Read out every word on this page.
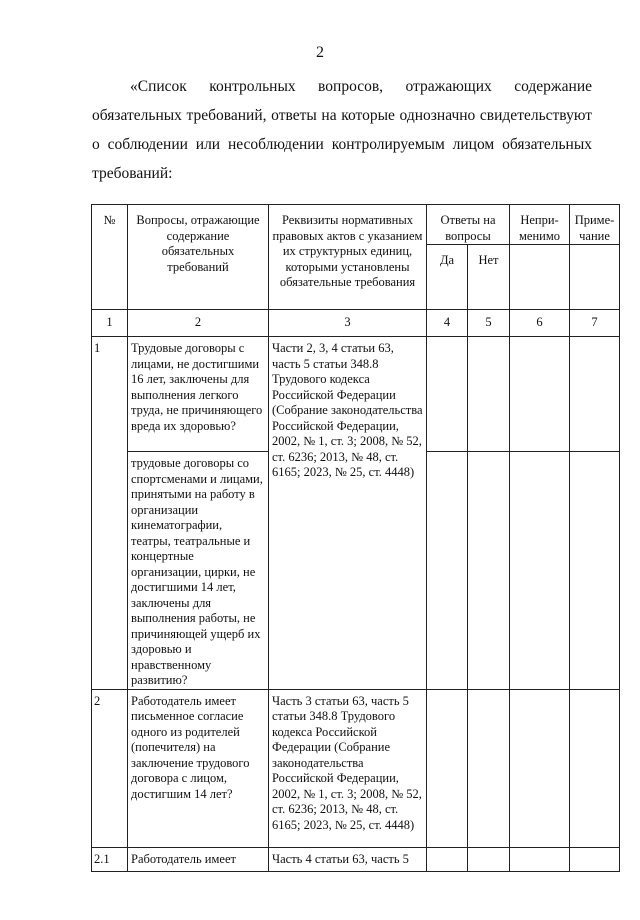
2
«Список контрольных вопросов, отражающих содержание
обязательных требований, ответы на которые однозначно свидетельствуют
о соблюдении или несоблюдении контролируемым лицом обязательных
требований:
№	Вопросы, отражающие содержание обязательных требований	Реквизиты нормативных правовых актов с указанием их структурных единиц, которыми установлены обязательные требования	Ответы на вопросы		Непри-менимо	Приме-чание

			Да	Нет		

1	2	3	4	5	6	7

1	Трудовые договоры с лицами, не достигшими 16 лет, заключены для выполнения легкого труда, не причиняющего вреда их здоровью?	Части 2, 3, 4 статьи 63, часть 5 статьи 348.8 Трудового кодекса Российской Федерации (Собрание законодательства Российской Федерации, 2002, № 1, ст. 3; 2008, № 52, ст. 6236; 2013, № 48, ст. 6165; 2023, № 25, ст. 4448)				

	трудовые договоры со спортсменами и лицами, принятыми на работу в организации кинематографии, театры, театральные и концертные организации, цирки, не достигшими 14 лет, заключены для выполнения работы, не причиняющей ущерб их здоровью и нравственному развитию?					

2	Работодатель имеет письменное согласие одного из родителей (попечителя) на заключение трудового договора с лицом, достигшим 14 лет?	Часть 3 статьи 63, часть 5 статьи 348.8 Трудового кодекса Российской Федерации (Собрание законодательства Российской Федерации, 2002, № 1, ст. 3; 2008, № 52, ст. 6236; 2013, № 48, ст. 6165; 2023, № 25, ст. 4448)				

2.1	Работодатель имеет	Часть 4 статьи 63, часть 5				
